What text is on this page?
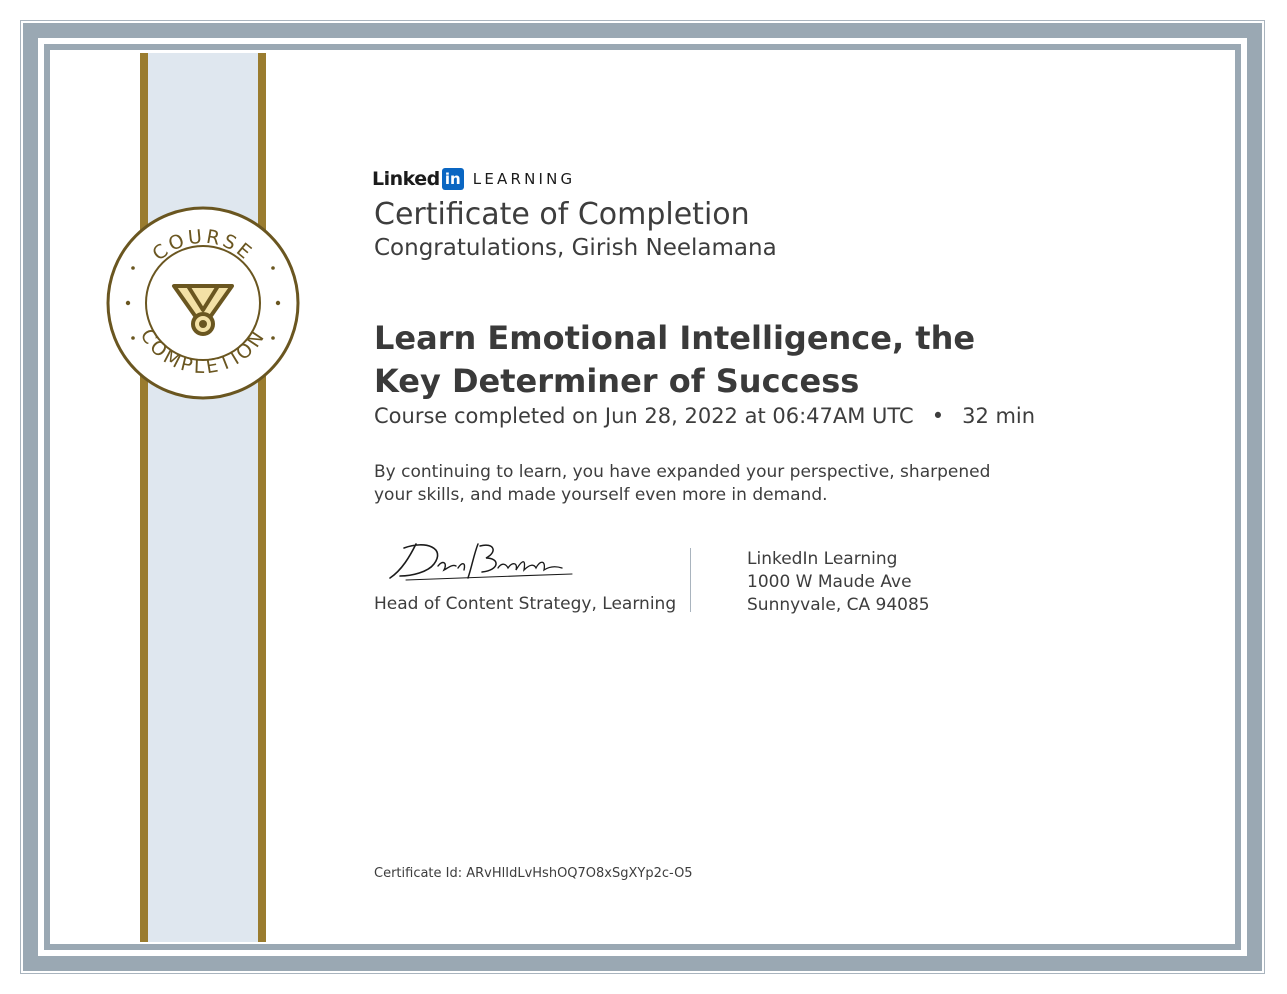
COURSE
COMPLETION
Linked in LEARNING
Certificate of Completion
Congratulations, Girish Neelamana
Learn Emotional Intelligence, the Key Determiner of Success
Course completed on Jun 28, 2022 at 06:47AM UTC • 32 min
By continuing to learn, you have expanded your perspective, sharpened your skills, and made yourself even more in demand.
Head of Content Strategy, Learning
LinkedIn Learning
1000 W Maude Ave
Sunnyvale, CA 94085
Certificate Id: ARvHlIdLvHshOQ7O8xSgXYp2c-O5
